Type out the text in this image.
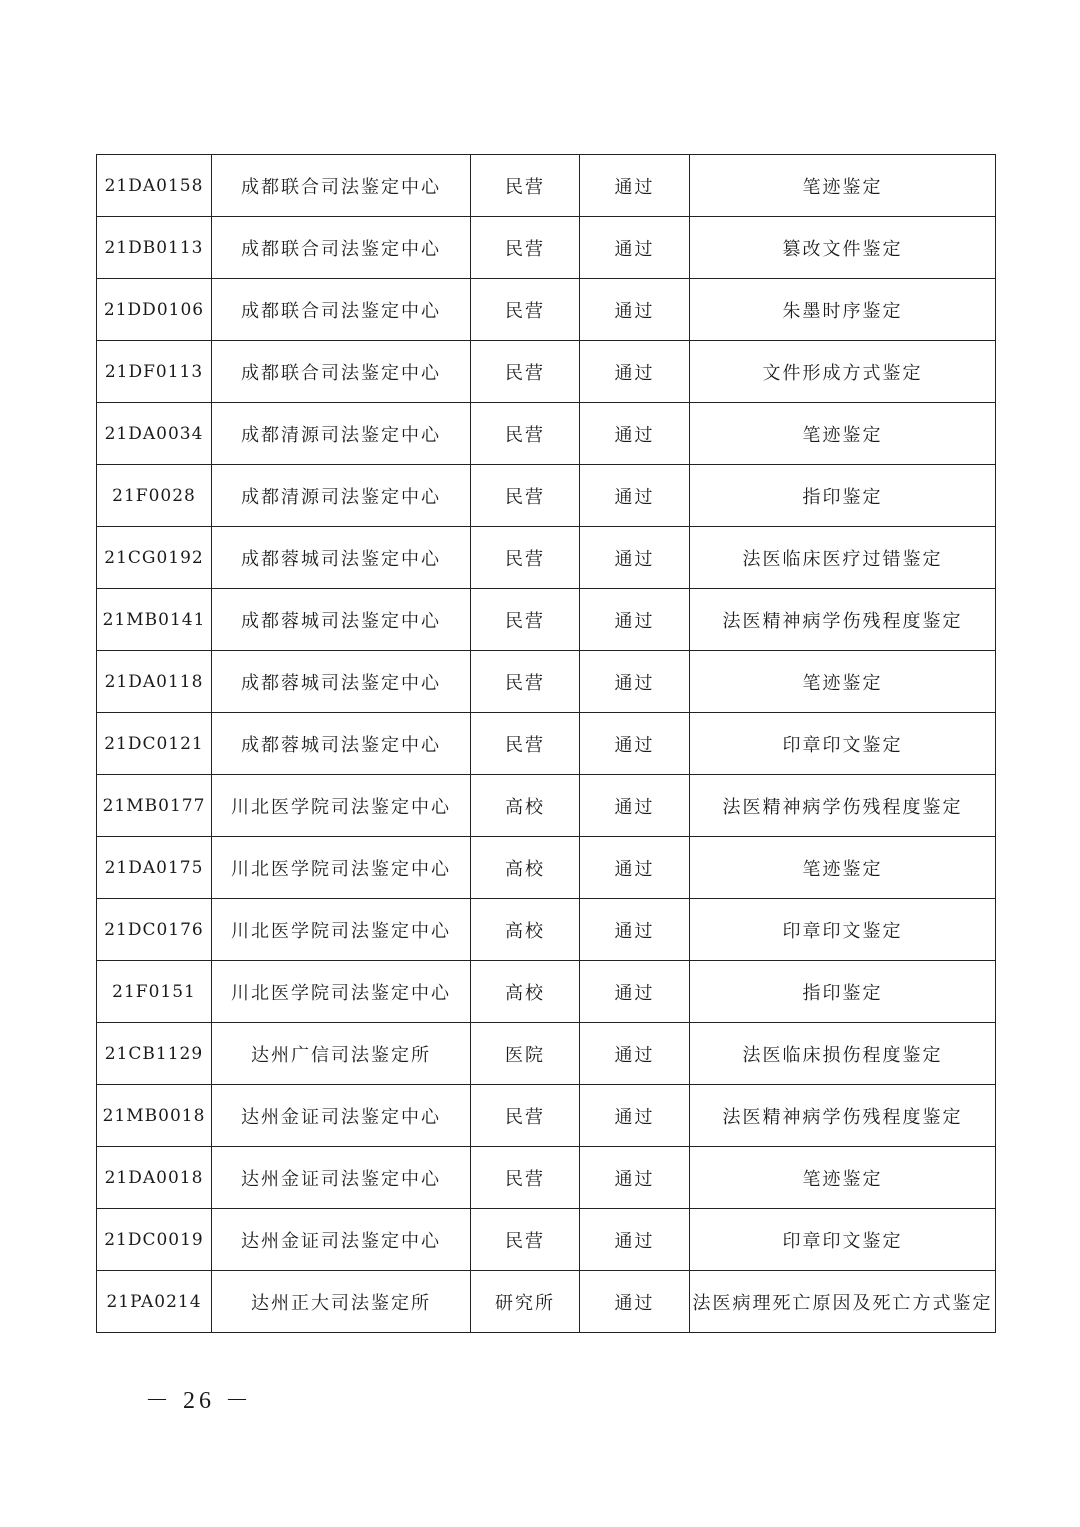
21DA0158	成都联合司法鉴定中心	民营	通过	笔迹鉴定
21DB0113	成都联合司法鉴定中心	民营	通过	篡改文件鉴定
21DD0106	成都联合司法鉴定中心	民营	通过	朱墨时序鉴定
21DF0113	成都联合司法鉴定中心	民营	通过	文件形成方式鉴定
21DA0034	成都清源司法鉴定中心	民营	通过	笔迹鉴定
21F0028	成都清源司法鉴定中心	民营	通过	指印鉴定
21CG0192	成都蓉城司法鉴定中心	民营	通过	法医临床医疗过错鉴定
21MB0141	成都蓉城司法鉴定中心	民营	通过	法医精神病学伤残程度鉴定
21DA0118	成都蓉城司法鉴定中心	民营	通过	笔迹鉴定
21DC0121	成都蓉城司法鉴定中心	民营	通过	印章印文鉴定
21MB0177	川北医学院司法鉴定中心	高校	通过	法医精神病学伤残程度鉴定
21DA0175	川北医学院司法鉴定中心	高校	通过	笔迹鉴定
21DC0176	川北医学院司法鉴定中心	高校	通过	印章印文鉴定
21F0151	川北医学院司法鉴定中心	高校	通过	指印鉴定
21CB1129	达州广信司法鉴定所	医院	通过	法医临床损伤程度鉴定
21MB0018	达州金证司法鉴定中心	民营	通过	法医精神病学伤残程度鉴定
21DA0018	达州金证司法鉴定中心	民营	通过	笔迹鉴定
21DC0019	达州金证司法鉴定中心	民营	通过	印章印文鉴定
21PA0214	达州正大司法鉴定所	研究所	通过	法医病理死亡原因及死亡方式鉴定
－ 26 －
